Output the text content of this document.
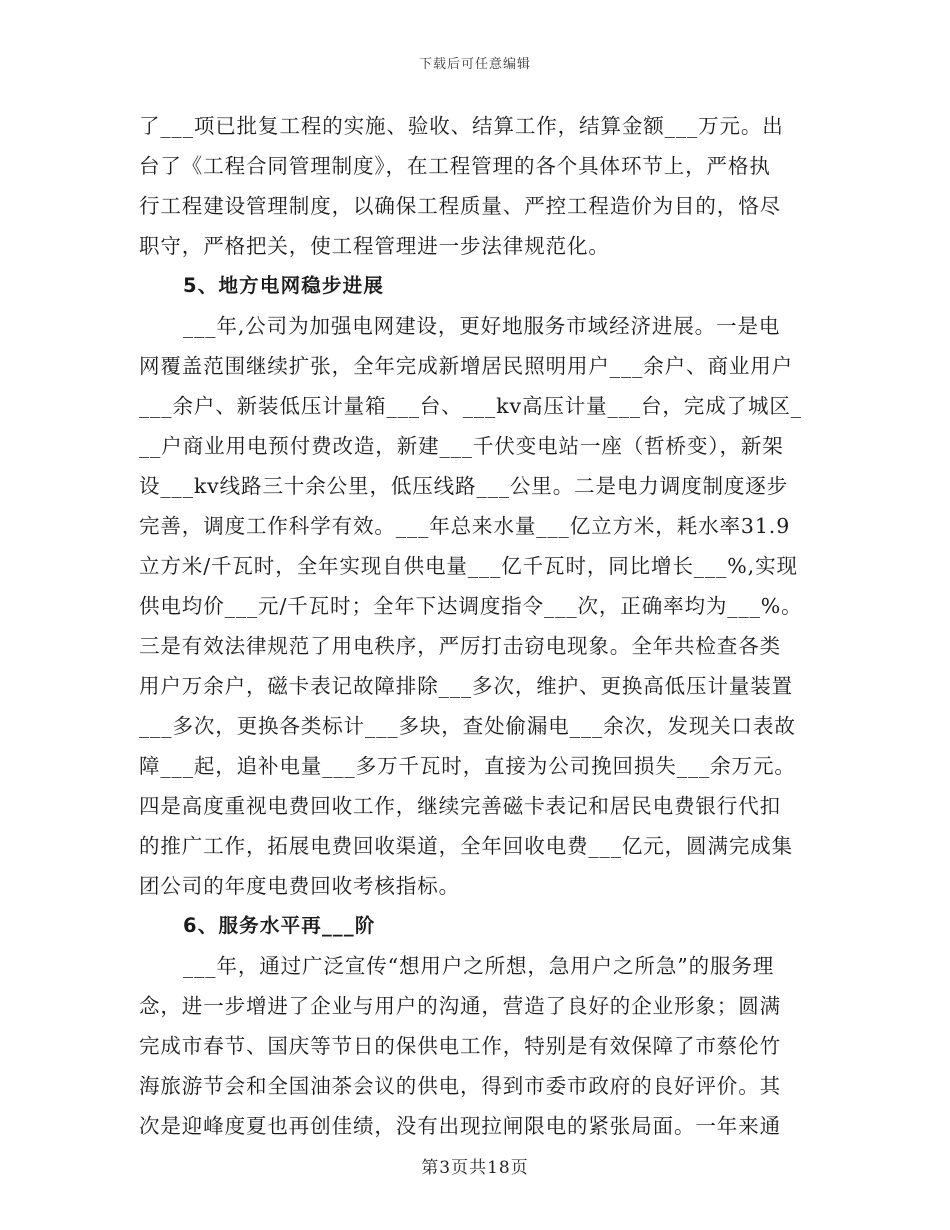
下载后可任意编辑
了___项已批复工程的实施、验收、结算工作，结算金额___万元。出
台了《工程合同管理制度》，在工程管理的各个具体环节上，严格执
行工程建设管理制度，以确保工程质量、严控工程造价为目的，恪尽
职守，严格把关，使工程管理进一步法律规范化。
5、地方电网稳步进展
___年,公司为加强电网建设，更好地服务市域经济进展。一是电
网覆盖范围继续扩张，全年完成新增居民照明用户___余户、商业用户
___余户、新装低压计量箱___台、___kv高压计量___台，完成了城区_
__户商业用电预付费改造，新建___千伏变电站一座（哲桥变），新架
设___kv线路三十余公里，低压线路___公里。二是电力调度制度逐步
完善，调度工作科学有效。___年总来水量___亿立方米，耗水率31.9
立方米/千瓦时，全年实现自供电量___亿千瓦时，同比增长___%,实现
供电均价___元/千瓦时；全年下达调度指令___次，正确率均为___%。
三是有效法律规范了用电秩序，严厉打击窃电现象。全年共检查各类
用户万余户，磁卡表记故障排除___多次，维护、更换高低压计量装置
___多次，更换各类标计___多块，查处偷漏电___余次，发现关口表故
障___起，追补电量___多万千瓦时，直接为公司挽回损失___余万元。
四是高度重视电费回收工作，继续完善磁卡表记和居民电费银行代扣
的推广工作，拓展电费回收渠道，全年回收电费___亿元，圆满完成集
团公司的年度电费回收考核指标。
6、服务水平再___阶
___年，通过广泛宣传“想用户之所想，急用户之所急”的服务理
念，进一步增进了企业与用户的沟通，营造了良好的企业形象；圆满
完成市春节、国庆等节日的保供电工作，特别是有效保障了市蔡伦竹
海旅游节会和全国油茶会议的供电，得到市委市政府的良好评价。其
次是迎峰度夏也再创佳绩，没有出现拉闸限电的紧张局面。一年来通
第3页共18页
